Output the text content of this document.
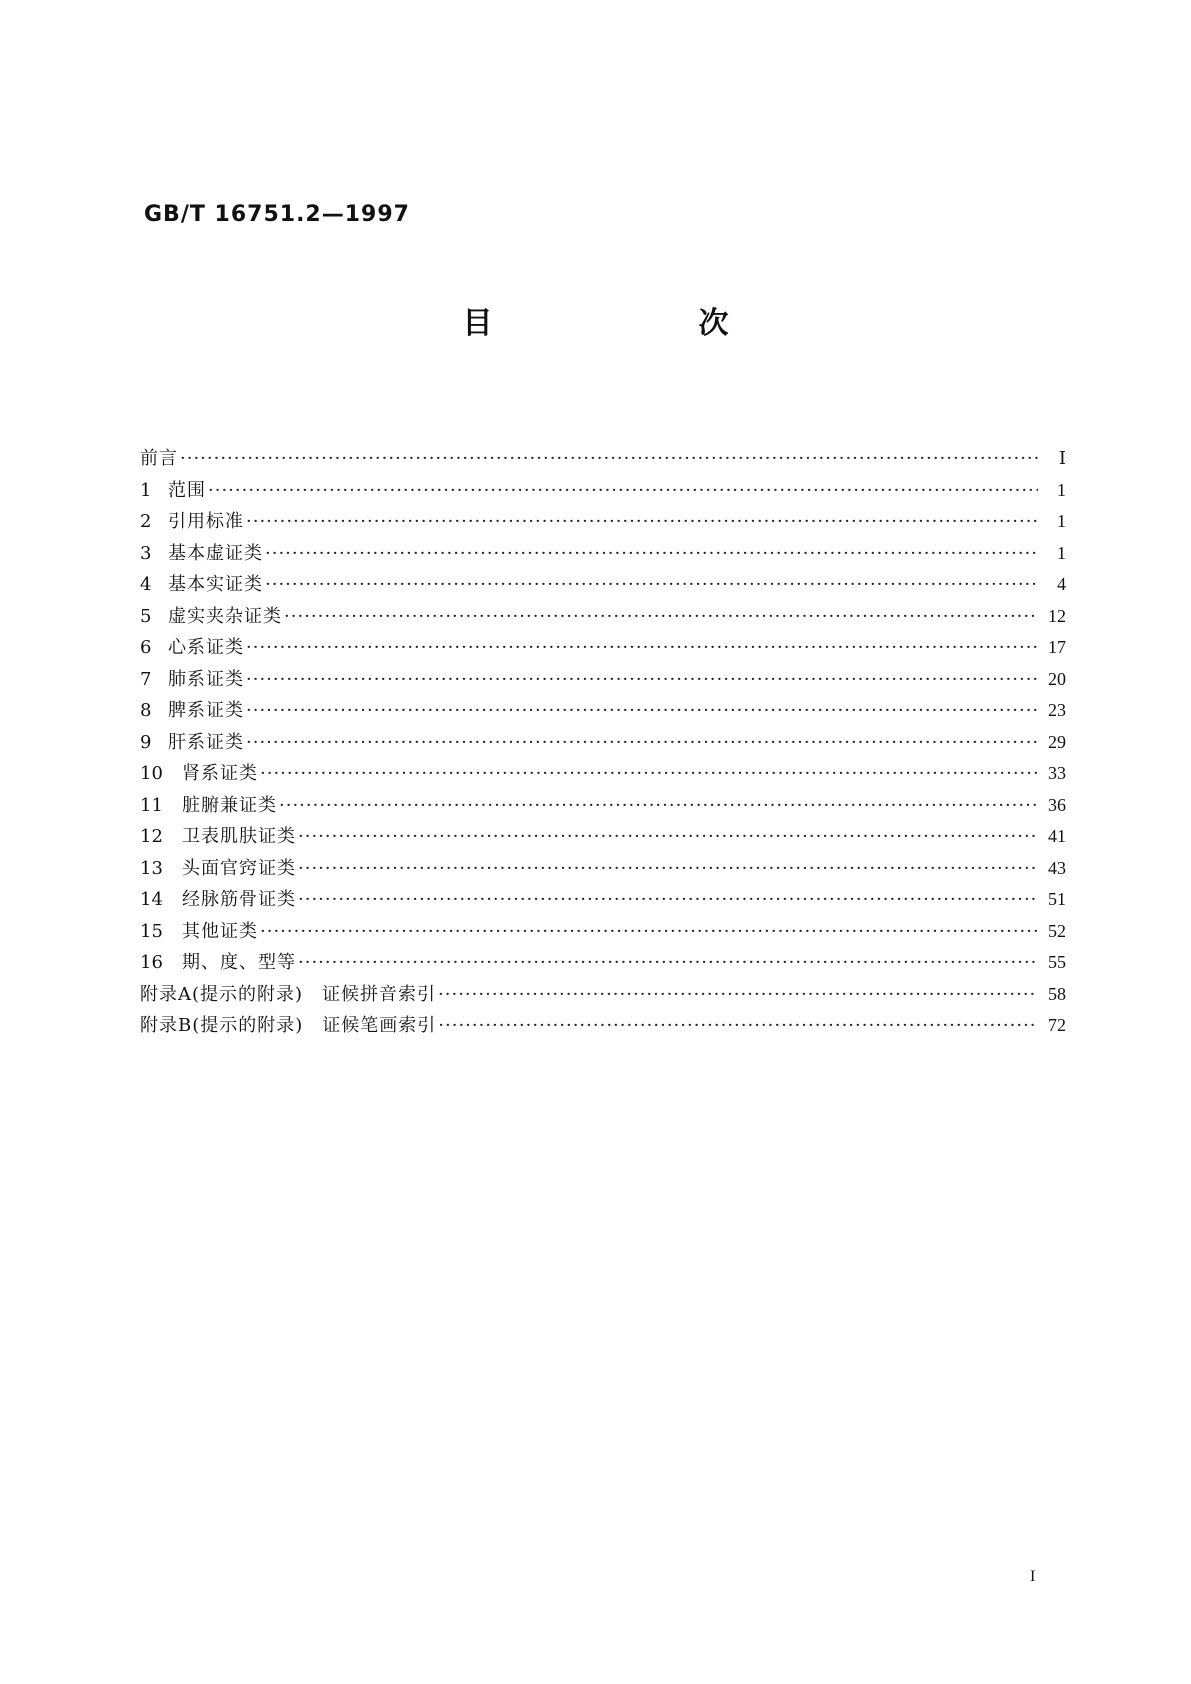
GB/T 16751.2—1997
目　次
前言 ·····	Ⅰ
1 范围 ·····	1
2 引用标准 ·····	1
3 基本虚证类 ·····	1
4 基本实证类 ·····	4
5 虚实夹杂证类 ·····	12
6 心系证类 ·····	17
7 肺系证类 ·····	20
8 脾系证类 ·····	23
9 肝系证类 ·····	29
10	肾系证类 ·····	33
11	脏腑兼证类 ·····	36
12	卫表肌肤证类 ·····	41
13	头面官窍证类 ·····	43
14	经脉筋骨证类 ·····	51
15	其他证类 ·····	52
16	期、度、型等 ·····	55
附录A(提示的附录)　证候拼音索引 ·····	58
附录B(提示的附录)　证候笔画索引 ·····	72
I
